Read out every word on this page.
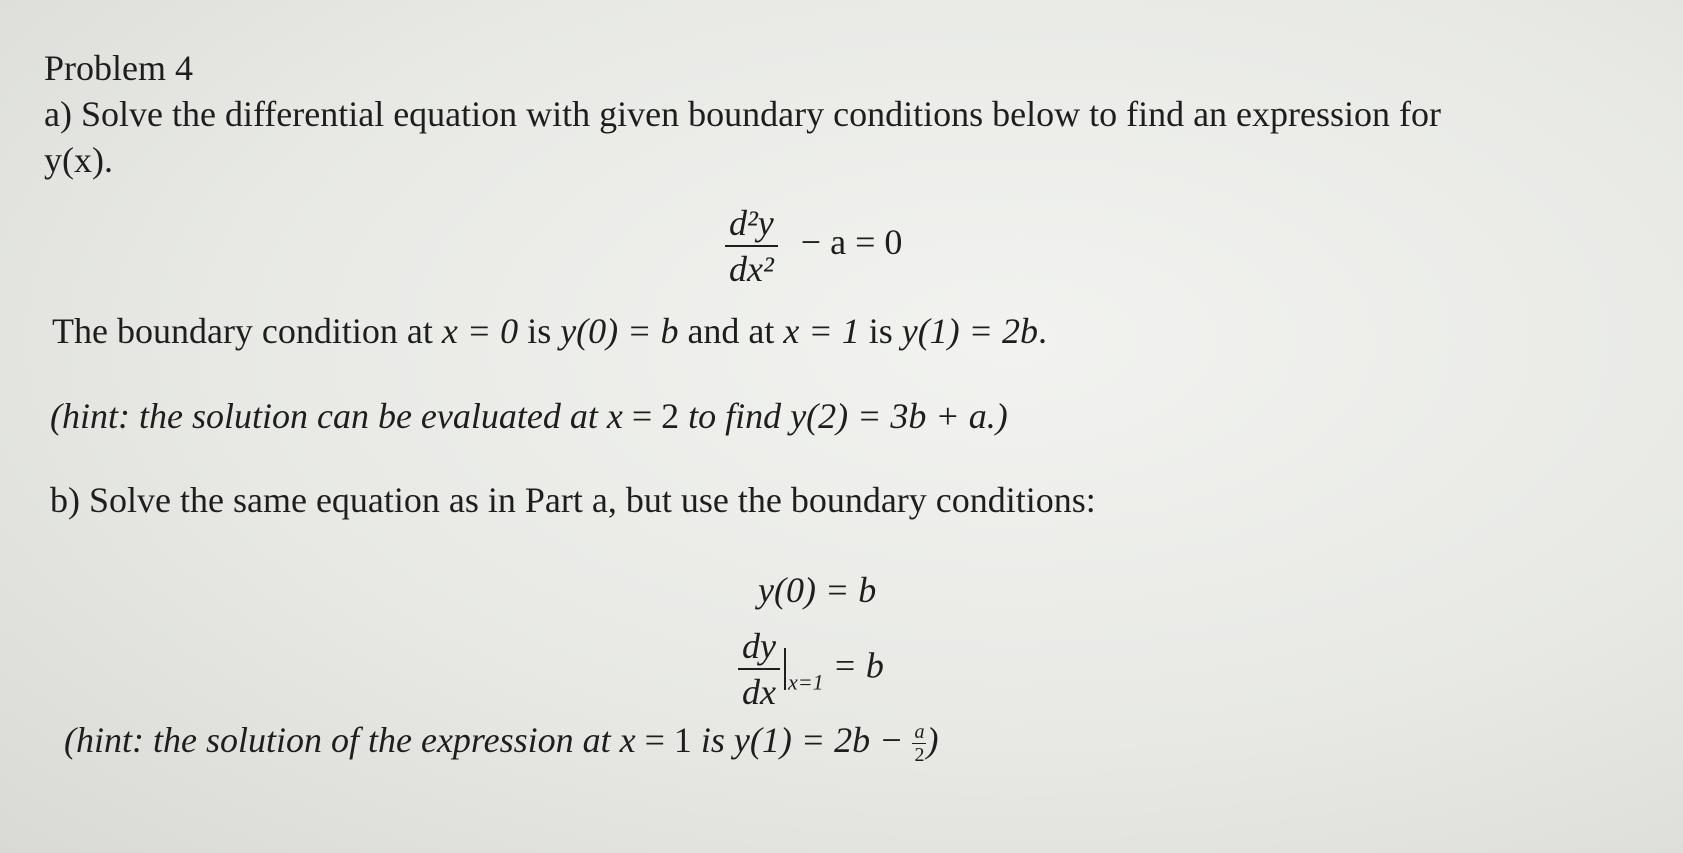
Problem 4
a) Solve the differential equation with given boundary conditions below to find an expression for
y(x).
$\frac{\text{d²y}}{\text{dx²}} - a = 0$
The boundary condition at x = 0 is y(0) = b and at x = 1 is y(1) = 2b.
(hint: the solution can be evaluated at x = 2 to find y(2) = 3b + a.)
b) Solve the same equation as in Part a, but use the boundary conditions:
y(0) = b
$\frac{dy}{dx} _{x=1} = b$
(hint: the solution of the expression at x = 1 is $y(1) = 2b - \frac{a}{2}$ )
